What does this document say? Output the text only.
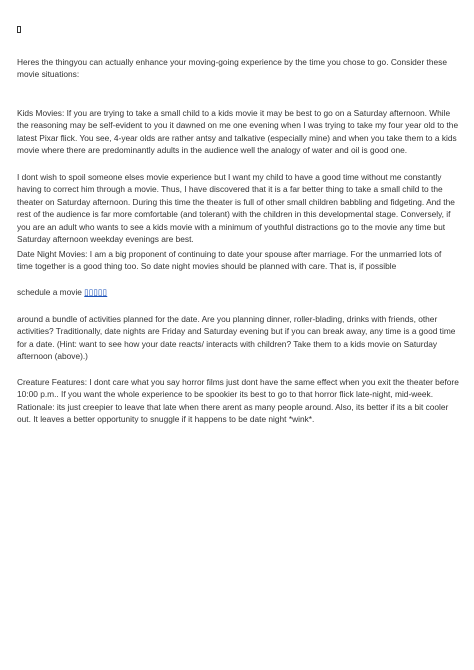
Heres the thingyou can actually enhance your moving-going experience by the time you chose to go. Consider these movie situations:

Kids Movies: If you are trying to take a small child to a kids movie it may be best to go on a Saturday afternoon. While the reasoning may be self-evident to you it dawned on me one evening when I was trying to take my four year old to the latest Pixar flick. You see, 4-year olds are rather antsy and talkative (especially mine) and when you take them to a kids movie where there are predominantly adults in the audience well the analogy of water and oil is good one.

I dont wish to spoil someone elses movie experience but I want my child to have a good time without me constantly having to correct him through a movie. Thus, I have discovered that it is a far better thing to take a small child to the theater on Saturday afternoon. During this time the theater is full of other small children babbling and fidgeting. And the rest of the audience is far more comfortable (and tolerant) with the children in this developmental stage. Conversely, if you are an adult who wants to see a kids movie with a minimum of youthful distractions go to the movie any time but Saturday afternoon weekday evenings are best.

Date Night Movies: I am a big proponent of continuing to date your spouse after marriage. For the unmarried lots of time together is a good thing too. So date night movies should be planned with care. That is, if possible

schedule a movie ▯▯▯▯▯

around a bundle of activities planned for the date. Are you planning dinner, roller-blading, drinks with friends, other activities? Traditionally, date nights are Friday and Saturday evening but if you can break away, any time is a good time for a date. (Hint: want to see how your date reacts/ interacts with children? Take them to a kids movie on Saturday afternoon (above).)

Creature Features: I dont care what you say horror films just dont have the same effect when you exit the theater before 10:00 p.m.. If you want the whole experience to be spookier its best to go to that horror flick late-night, mid-week. Rationale: its just creepier to leave that late when there arent as many people around. Also, its better if its a bit cooler out. It leaves a better opportunity to snuggle if it happens to be date night *wink*.
